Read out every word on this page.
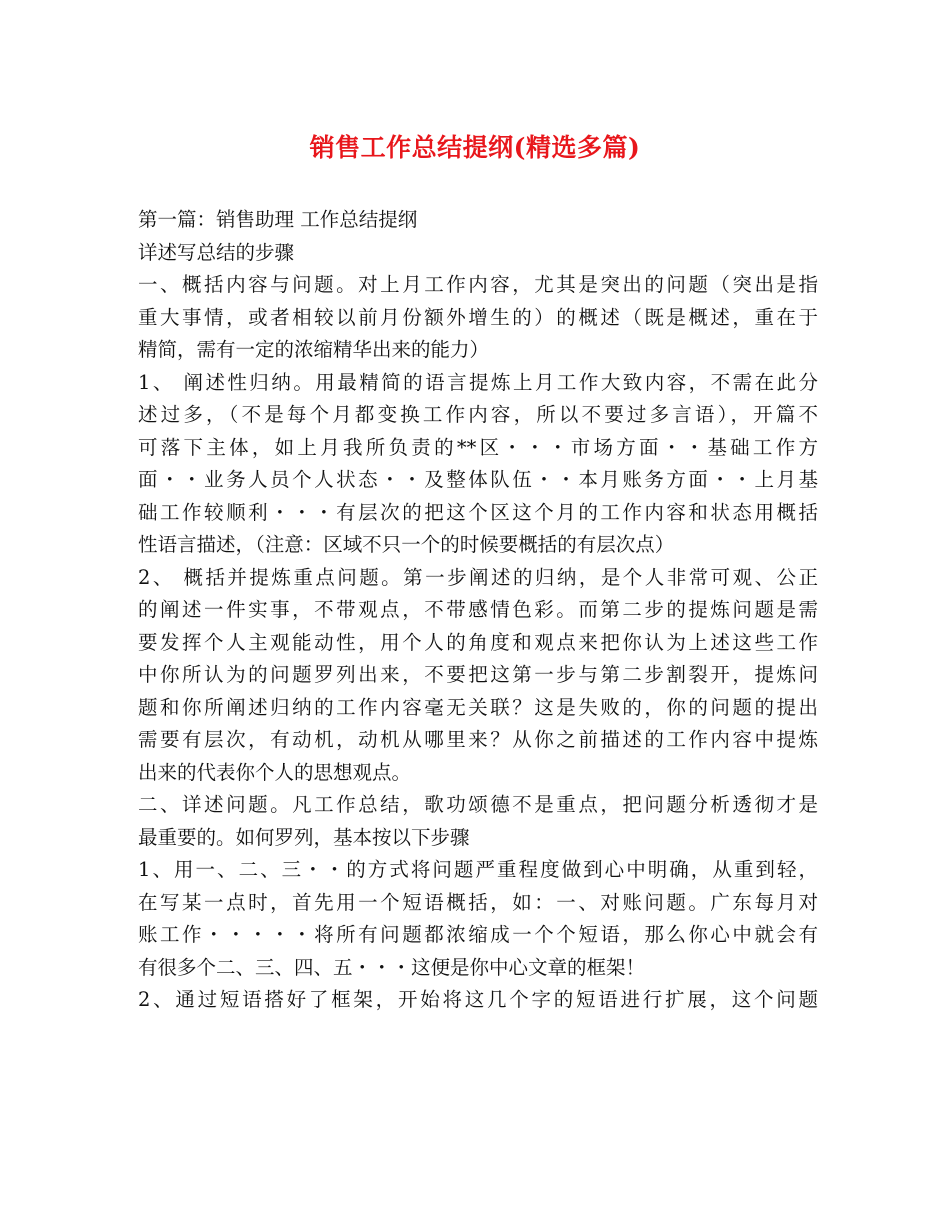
销售工作总结提纲(精选多篇)
第一篇：销售助理 工作总结提纲
详述写总结的步骤
一、概括内容与问题。对上月工作内容，尤其是突出的问题（突出是指
重大事情，或者相较以前月份额外增生的）的概述（既是概述，重在于
精简，需有一定的浓缩精华出来的能力）
1、 阐述性归纳。用最精简的语言提炼上月工作大致内容，不需在此分
述过多，（不是每个月都变换工作内容，所以不要过多言语），开篇不
可落下主体，如上月我所负责的**区・・・市场方面・・基础工作方
面・・业务人员个人状态・・及整体队伍・・本月账务方面・・上月基
础工作较顺利・・・有层次的把这个区这个月的工作内容和状态用概括
性语言描述，（注意：区域不只一个的时候要概括的有层次点）
2、 概括并提炼重点问题。第一步阐述的归纳，是个人非常可观、公正
的阐述一件实事，不带观点，不带感情色彩。而第二步的提炼问题是需
要发挥个人主观能动性，用个人的角度和观点来把你认为上述这些工作
中你所认为的问题罗列出来，不要把这第一步与第二步割裂开，提炼问
题和你所阐述归纳的工作内容毫无关联？这是失败的，你的问题的提出
需要有层次，有动机，动机从哪里来？从你之前描述的工作内容中提炼
出来的代表你个人的思想观点。
二、详述问题。凡工作总结，歌功颂德不是重点，把问题分析透彻才是
最重要的。如何罗列，基本按以下步骤
1、用一、二、三・・的方式将问题严重程度做到心中明确，从重到轻，
在写某一点时，首先用一个短语概括，如：一、对账问题。广东每月对
账工作・・・・・将所有问题都浓缩成一个个短语，那么你心中就会有
有很多个二、三、四、五・・・这便是你中心文章的框架！
2、通过短语搭好了框架，开始将这几个字的短语进行扩展，这个问题
